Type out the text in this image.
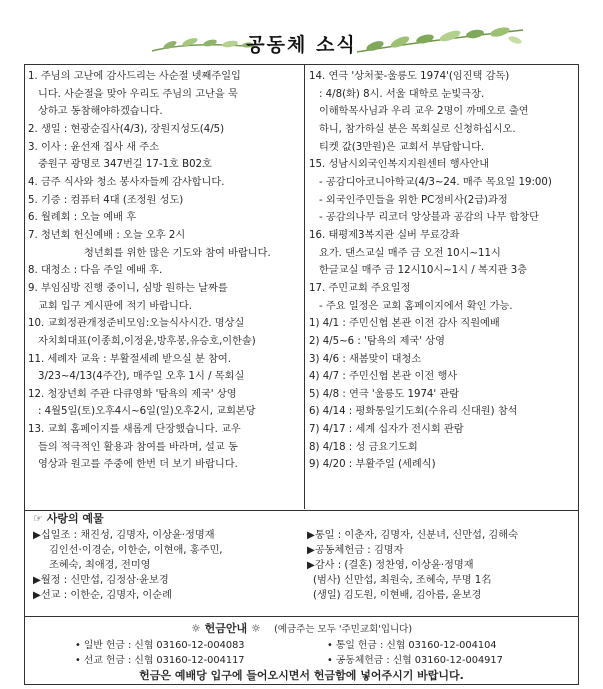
공동체 소식
1. 주님의 고난에 감사드리는 사순절 넷째주일입
니다. 사순절을 맞아 우리도 주님의 고난을 묵
상하고 동참해야하겠습니다.
2. 생일 : 현광순집사(4/3), 장원지성도(4/5)
3. 이사 : 윤선재 집사 새 주소
중원구 광명로 347번길 17-1호 B02호
4. 금주 식사와 청소 봉사자들께 감사합니다.
5. 기증 : 컴퓨터 4대 (조정원 성도)
6. 월례회 : 오늘 예배 후
7. 청년회 헌신예배 : 오늘 오후 2시
청년회를 위한 많은 기도와 참여 바랍니다.
8. 대청소 : 다음 주일 예배 후.
9. 부임심방 진행 중이니, 심방 원하는 날짜를
교회 입구 게시판에 적기 바랍니다.
10. 교회정관개정준비모임:오늘식사시간. 명상실
자치회대표(이종희,이정윤,방후봉,유승호,이한솔)
11. 세례자 교육 : 부활절세례 받으실 분 참여.
3/23~4/13(4주간), 매주일 오후 1시 / 목회실
12. 청장년회 주관 다큐영화 '탐욕의 제국' 상영
: 4월5일(토)오후4시~6일(일)오후2시, 교회본당
13. 교회 홈페이지를 새롭게 단장했습니다. 교우
들의 적극적인 활용과 참여를 바라며, 설교 동
영상과 원고를 주중에 한번 더 보기 바랍니다.
14. 연극 '상처꽃-울릉도 1974'(임진택 감독)
: 4/8(화) 8시. 서울 대학로 눈빛극장.
이해학목사님과 우리 교우 2명이 까메오로 출연
하니, 참가하실 분은 목회실로 신청하십시오.
티켓 값(3만원)은 교회서 부담합니다.
15. 성남시외국인복지지원센터 행사안내
- 공감디아코니아학교(4/3~24. 매주 목요일 19:00)
- 외국인주민들을 위한 PC정비사(2급)과정
- 공감의나무 리코더 앙상블과 공감의 나무 합창단
16. 태평제3복지관 실버 무료강좌
요가. 댄스교실 매주 금 오전 10시~11시
한글교실 매주 금 12시10시~1시 / 복지관 3층
17. 주민교회 주요일정
- 주요 일정은 교회 홈페이지에서 확인 가능.
1) 4/1 : 주민신협 본관 이전 감사 직원예배
2) 4/5~6 : '탐욕의 제국' 상영
3) 4/6 : 새봄맞이 대청소
4) 4/7 : 주민신협 본관 이전 행사
5) 4/8 : 연극 '울릉도 1974' 관람
6) 4/14 : 평화통일기도회(수유리 신대원) 참석
7) 4/17 : 세계 십자가 전시회 관람
8) 4/18 : 성 금요기도회
9) 4/20 : 부활주일 (세례식)
☞ 사랑의 예물
▶십일조 : 채진성, 김명자, 이상윤·정명재
김인선·이경순, 이한순, 이현애, 홍주민,
조혜숙, 최애경, 전미영
▶월정 : 신만섭, 김정삼·윤보경
▶선교 : 이한순, 김명자, 이순례
▶통일 : 이춘자, 김명자, 신분녀, 신만섭, 김해숙
▶공동체헌금 : 김명자
▶감사 : (결혼) 정찬영, 이상윤·정명재
(범사) 신만섭, 최원숙, 조혜숙, 무명 1名
(생일) 김도원, 이현배, 김아름, 윤보경
☼ 헌금안내 ☼ (예금주는 모두 '주민교회'입니다)
• 일반 헌금 : 신협 03160-12-004083	• 통일 헌금 : 신협 03160-12-004104
• 선교 헌금 : 신협 03160-12-004117	• 공동체헌금 : 신협 03160-12-004917
헌금은 예배당 입구에 들어오시면서 헌금함에 넣어주시기 바랍니다.
